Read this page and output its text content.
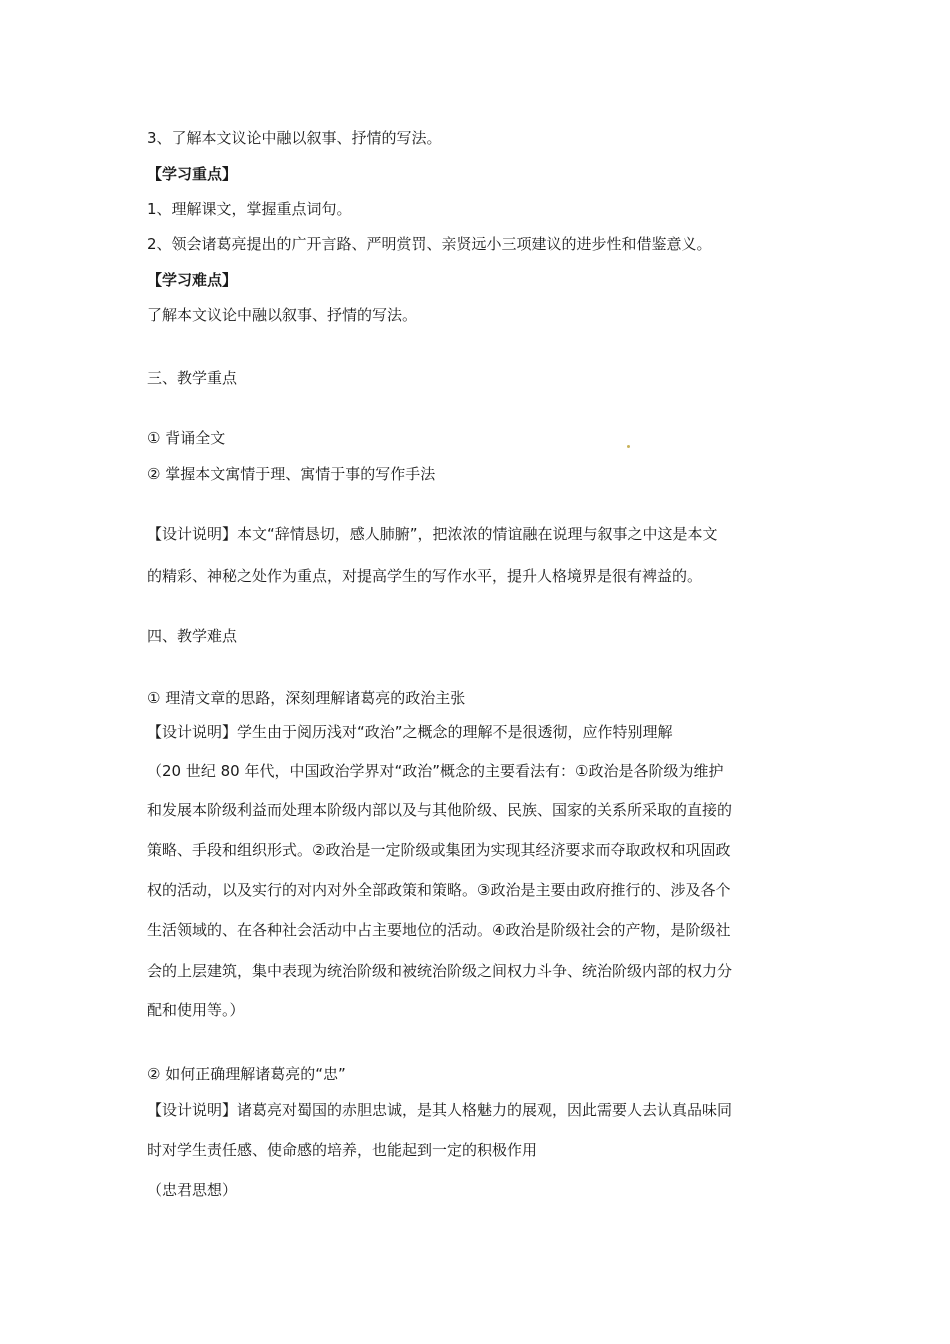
3、了解本文议论中融以叙事、抒情的写法。

【学习重点】

1、理解课文，掌握重点词句。

2、领会诸葛亮提出的广开言路、严明赏罚、亲贤远小三项建议的进步性和借鉴意义。

【学习难点】

了解本文议论中融以叙事、抒情的写法。

三、教学重点

① 背诵全文

② 掌握本文寓情于理、寓情于事的写作手法

【设计说明】本文“辞情恳切，感人肺腑”，把浓浓的情谊融在说理与叙事之中这是本文

的精彩、神秘之处作为重点，对提高学生的写作水平，提升人格境界是很有裨益的。

四、教学难点

① 理清文章的思路，深刻理解诸葛亮的政治主张

【设计说明】学生由于阅历浅对“政治”之概念的理解不是很透彻，应作特别理解

（20 世纪 80 年代，中国政治学界对“政治”概念的主要看法有：①政治是各阶级为维护

和发展本阶级利益而处理本阶级内部以及与其他阶级、民族、国家的关系所采取的直接的

策略、手段和组织形式。②政治是一定阶级或集团为实现其经济要求而夺取政权和巩固政

权的活动，以及实行的对内对外全部政策和策略。③政治是主要由政府推行的、涉及各个

生活领域的、在各种社会活动中占主要地位的活动。④政治是阶级社会的产物，是阶级社

会的上层建筑，集中表现为统治阶级和被统治阶级之间权力斗争、统治阶级内部的权力分

配和使用等。）

② 如何正确理解诸葛亮的“忠”

【设计说明】诸葛亮对蜀国的赤胆忠诚，是其人格魅力的展观，因此需要人去认真品味同

时对学生责任感、使命感的培养，也能起到一定的积极作用

（忠君思想）
